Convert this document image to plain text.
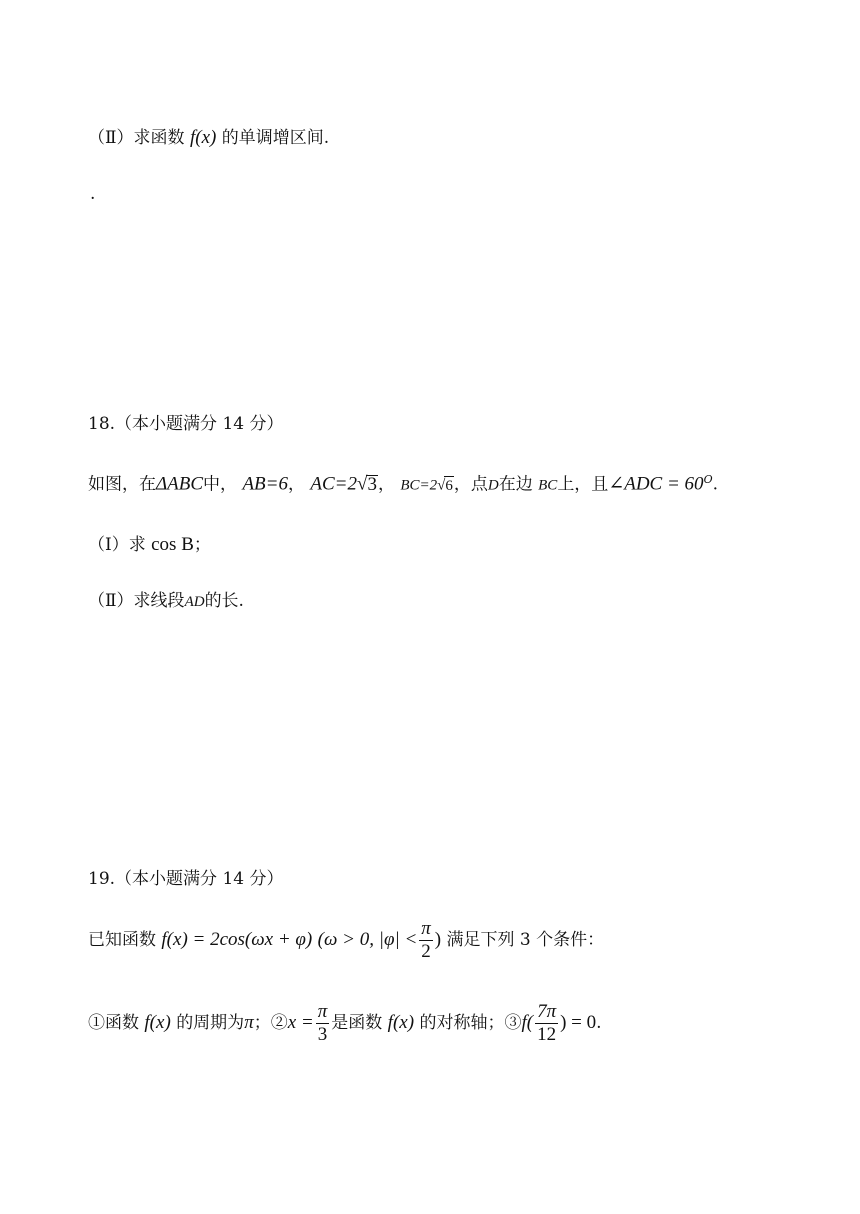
（Ⅱ）求函数 f(x) 的单调增区间.
.
18.（本小题满分 14 分）
如图，在ΔABC中， AB=6， AC=2√3， BC=2√6，点D在边 BC上，且∠ADC = $60^O$.
（Ⅰ）求 cos B；
（Ⅱ）求线段AD的长.
19.（本小题满分 14 分）
已知函数 f(x) = 2cos(ωx + φ) (ω > 0, $|\varphi| < \frac{\pi}{2}$ ) 满足下列 3 个条件：
①函数 f(x) 的周期为π；②x = $\frac{\pi}{3}$ 是函数 f(x) 的对称轴；③f( $\frac{7\pi}{12}$ ) = 0.
